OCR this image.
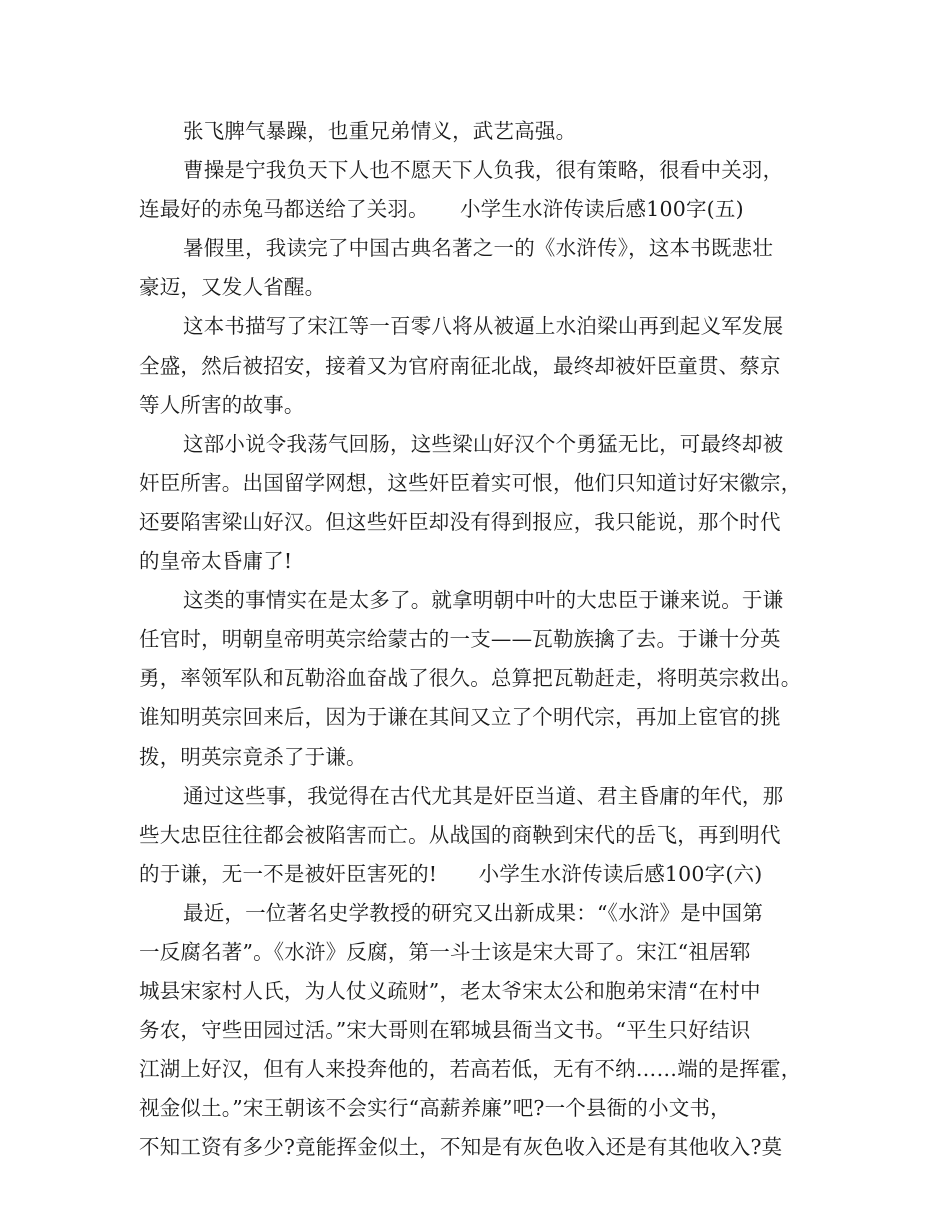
张飞脾气暴躁，也重兄弟情义，武艺高强。
曹操是宁我负天下人也不愿天下人负我，很有策略，很看中关羽，
连最好的赤兔马都送给了关羽。　　小学生水浒传读后感100字(五)
暑假里，我读完了中国古典名著之一的《水浒传》，这本书既悲壮
豪迈，又发人省醒。
这本书描写了宋江等一百零八将从被逼上水泊梁山再到起义军发展
全盛，然后被招安，接着又为官府南征北战，最终却被奸臣童贯、蔡京
等人所害的故事。
这部小说令我荡气回肠，这些梁山好汉个个勇猛无比，可最终却被
奸臣所害。出国留学网想，这些奸臣着实可恨，他们只知道讨好宋徽宗，
还要陷害梁山好汉。但这些奸臣却没有得到报应，我只能说，那个时代
的皇帝太昏庸了!
这类的事情实在是太多了。就拿明朝中叶的大忠臣于谦来说。于谦
任官时，明朝皇帝明英宗给蒙古的一支——瓦勒族擒了去。于谦十分英
勇，率领军队和瓦勒浴血奋战了很久。总算把瓦勒赶走，将明英宗救出。
谁知明英宗回来后，因为于谦在其间又立了个明代宗，再加上宦官的挑
拨，明英宗竟杀了于谦。
通过这些事，我觉得在古代尤其是奸臣当道、君主昏庸的年代，那
些大忠臣往往都会被陷害而亡。从战国的商鞅到宋代的岳飞，再到明代
的于谦，无一不是被奸臣害死的!　　小学生水浒传读后感100字(六)
最近，一位著名史学教授的研究又出新成果：“《水浒》是中国第
一反腐名著”。《水浒》反腐，第一斗士该是宋大哥了。宋江“祖居郓
城县宋家村人氏，为人仗义疏财”，老太爷宋太公和胞弟宋清“在村中
务农，守些田园过活。”宋大哥则在郓城县衙当文书。“平生只好结识
江湖上好汉，但有人来投奔他的，若高若低，无有不纳……端的是挥霍，
视金似土。”宋王朝该不会实行“高薪养廉”吧?一个县衙的小文书，
不知工资有多少?竟能挥金似土，不知是有灰色收入还是有其他收入?莫
